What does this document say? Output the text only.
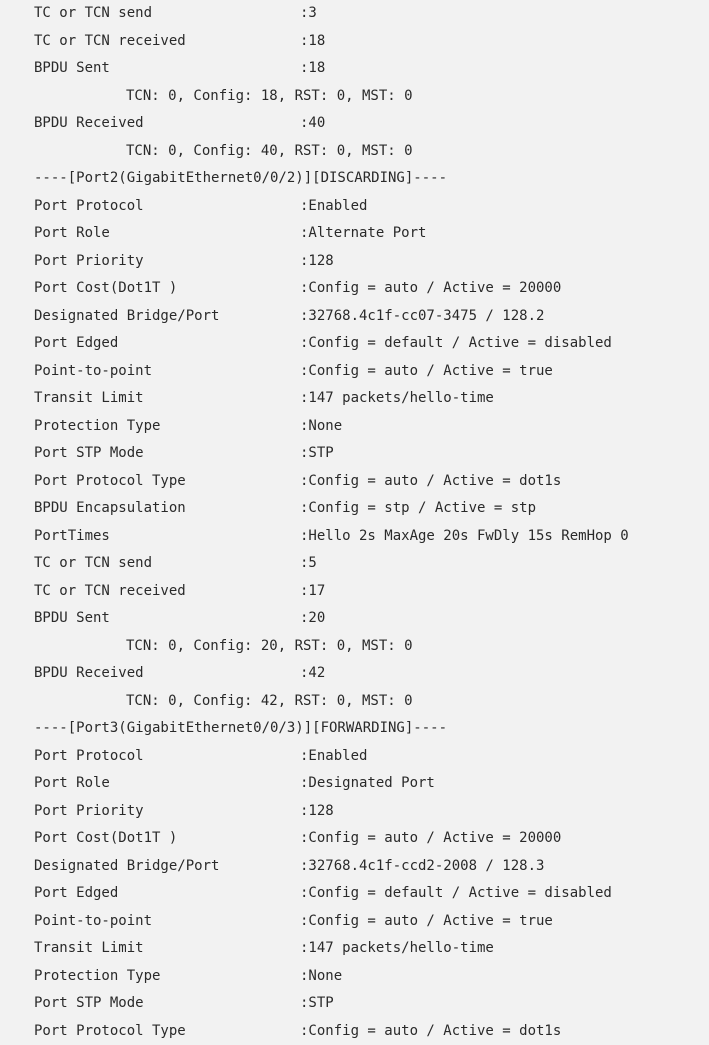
TC or TCN send	:3
TC or TCN received	:18
BPDU Sent	:18
TCN: 0, Config: 18, RST: 0, MST: 0
BPDU Received	:40
TCN: 0, Config: 40, RST: 0, MST: 0
----[Port2(GigabitEthernet0/0/2)][DISCARDING]----
Port Protocol	:Enabled
Port Role	:Alternate Port
Port Priority	:128
Port Cost(Dot1T )	:Config = auto / Active = 20000
Designated Bridge/Port	:32768.4c1f-cc07-3475 / 128.2
Port Edged	:Config = default / Active = disabled
Point-to-point	:Config = auto / Active = true
Transit Limit	:147 packets/hello-time
Protection Type	:None
Port STP Mode	:STP
Port Protocol Type	:Config = auto / Active = dot1s
BPDU Encapsulation	:Config = stp / Active = stp
PortTimes	:Hello 2s MaxAge 20s FwDly 15s RemHop 0
TC or TCN send	:5
TC or TCN received	:17
BPDU Sent	:20
TCN: 0, Config: 20, RST: 0, MST: 0
BPDU Received	:42
TCN: 0, Config: 42, RST: 0, MST: 0
----[Port3(GigabitEthernet0/0/3)][FORWARDING]----
Port Protocol	:Enabled
Port Role	:Designated Port
Port Priority	:128
Port Cost(Dot1T )	:Config = auto / Active = 20000
Designated Bridge/Port	:32768.4c1f-ccd2-2008 / 128.3
Port Edged	:Config = default / Active = disabled
Point-to-point	:Config = auto / Active = true
Transit Limit	:147 packets/hello-time
Protection Type	:None
Port STP Mode	:STP
Port Protocol Type	:Config = auto / Active = dot1s
